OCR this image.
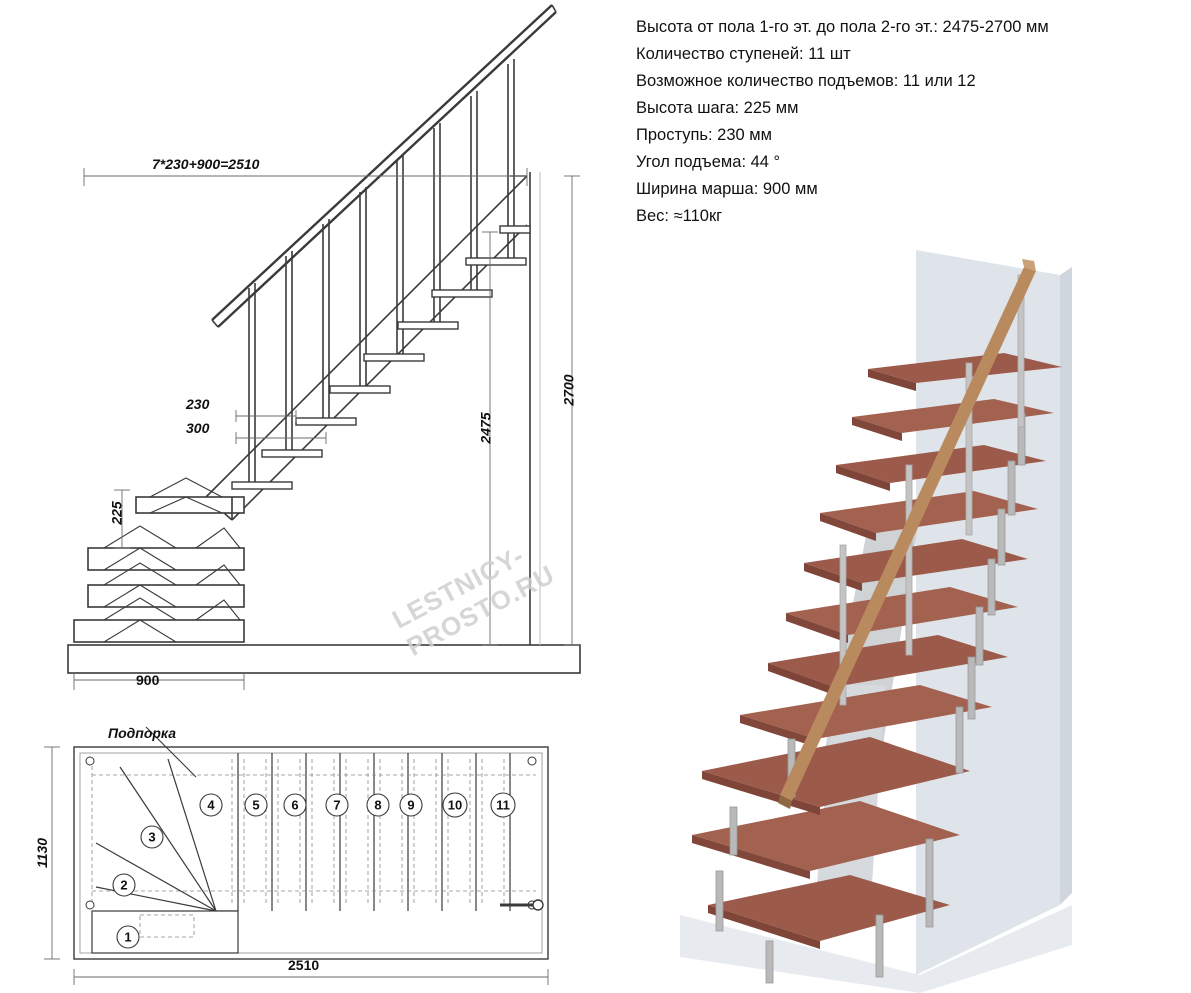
Высота от пола 1-го эт. до пола 2-го эт.: 2475-2700 мм
Количество ступеней: 11 шт
Возможное количество подъемов: 11 или 12
Высота шага: 225 мм
Проступь: 230 мм
Угол подъема: 44 °
Ширина марша: 900 мм
Вес: ≈110кг
7*230+900=2510
2700
2475
230
300
225
900
1
2
3
4	5 6	7	8 9	10	11
Подпорка
1130
2510
LESTNICY-PROSTO.RU
